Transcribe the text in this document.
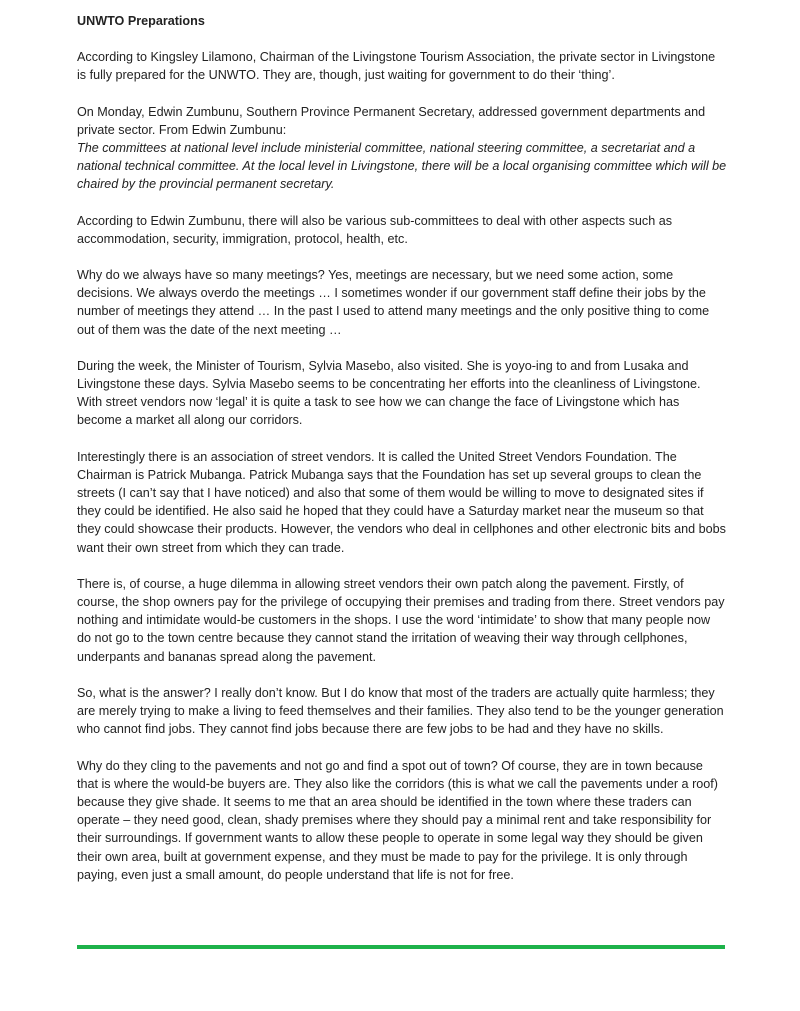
UNWTO Preparations

According to Kingsley Lilamono, Chairman of the Livingstone Tourism Association, the private sector in Livingstone is fully prepared for the UNWTO. They are, though, just waiting for government to do their ‘thing’.

On Monday, Edwin Zumbunu, Southern Province Permanent Secretary, addressed government departments and private sector. From Edwin Zumbunu:
The committees at national level include ministerial committee, national steering committee, a secretariat and a national technical committee. At the local level in Livingstone, there will be a local organising committee which will be chaired by the provincial permanent secretary.

According to Edwin Zumbunu, there will also be various sub-committees to deal with other aspects such as accommodation, security, immigration, protocol, health, etc.

Why do we always have so many meetings? Yes, meetings are necessary, but we need some action, some decisions. We always overdo the meetings … I sometimes wonder if our government staff define their jobs by the number of meetings they attend … In the past I used to attend many meetings and the only positive thing to come out of them was the date of the next meeting …

During the week, the Minister of Tourism, Sylvia Masebo, also visited. She is yoyo-ing to and from Lusaka and Livingstone these days. Sylvia Masebo seems to be concentrating her efforts into the cleanliness of Livingstone. With street vendors now ‘legal’ it is quite a task to see how we can change the face of Livingstone which has become a market all along our corridors.

Interestingly there is an association of street vendors. It is called the United Street Vendors Foundation. The Chairman is Patrick Mubanga. Patrick Mubanga says that the Foundation has set up several groups to clean the streets (I can’t say that I have noticed) and also that some of them would be willing to move to designated sites if they could be identified. He also said he hoped that they could have a Saturday market near the museum so that they could showcase their products. However, the vendors who deal in cellphones and other electronic bits and bobs want their own street from which they can trade.

There is, of course, a huge dilemma in allowing street vendors their own patch along the pavement. Firstly, of course, the shop owners pay for the privilege of occupying their premises and trading from there. Street vendors pay nothing and intimidate would-be customers in the shops. I use the word ‘intimidate’ to show that many people now do not go to the town centre because they cannot stand the irritation of weaving their way through cellphones, underpants and bananas spread along the pavement.

So, what is the answer? I really don’t know. But I do know that most of the traders are actually quite harmless; they are merely trying to make a living to feed themselves and their families. They also tend to be the younger generation who cannot find jobs. They cannot find jobs because there are few jobs to be had and they have no skills.

Why do they cling to the pavements and not go and find a spot out of town? Of course, they are in town because that is where the would-be buyers are. They also like the corridors (this is what we call the pavements under a roof) because they give shade. It seems to me that an area should be identified in the town where these traders can operate – they need good, clean, shady premises where they should pay a minimal rent and take responsibility for their surroundings. If government wants to allow these people to operate in some legal way they should be given their own area, built at government expense, and they must be made to pay for the privilege. It is only through paying, even just a small amount, do people understand that life is not for free.
